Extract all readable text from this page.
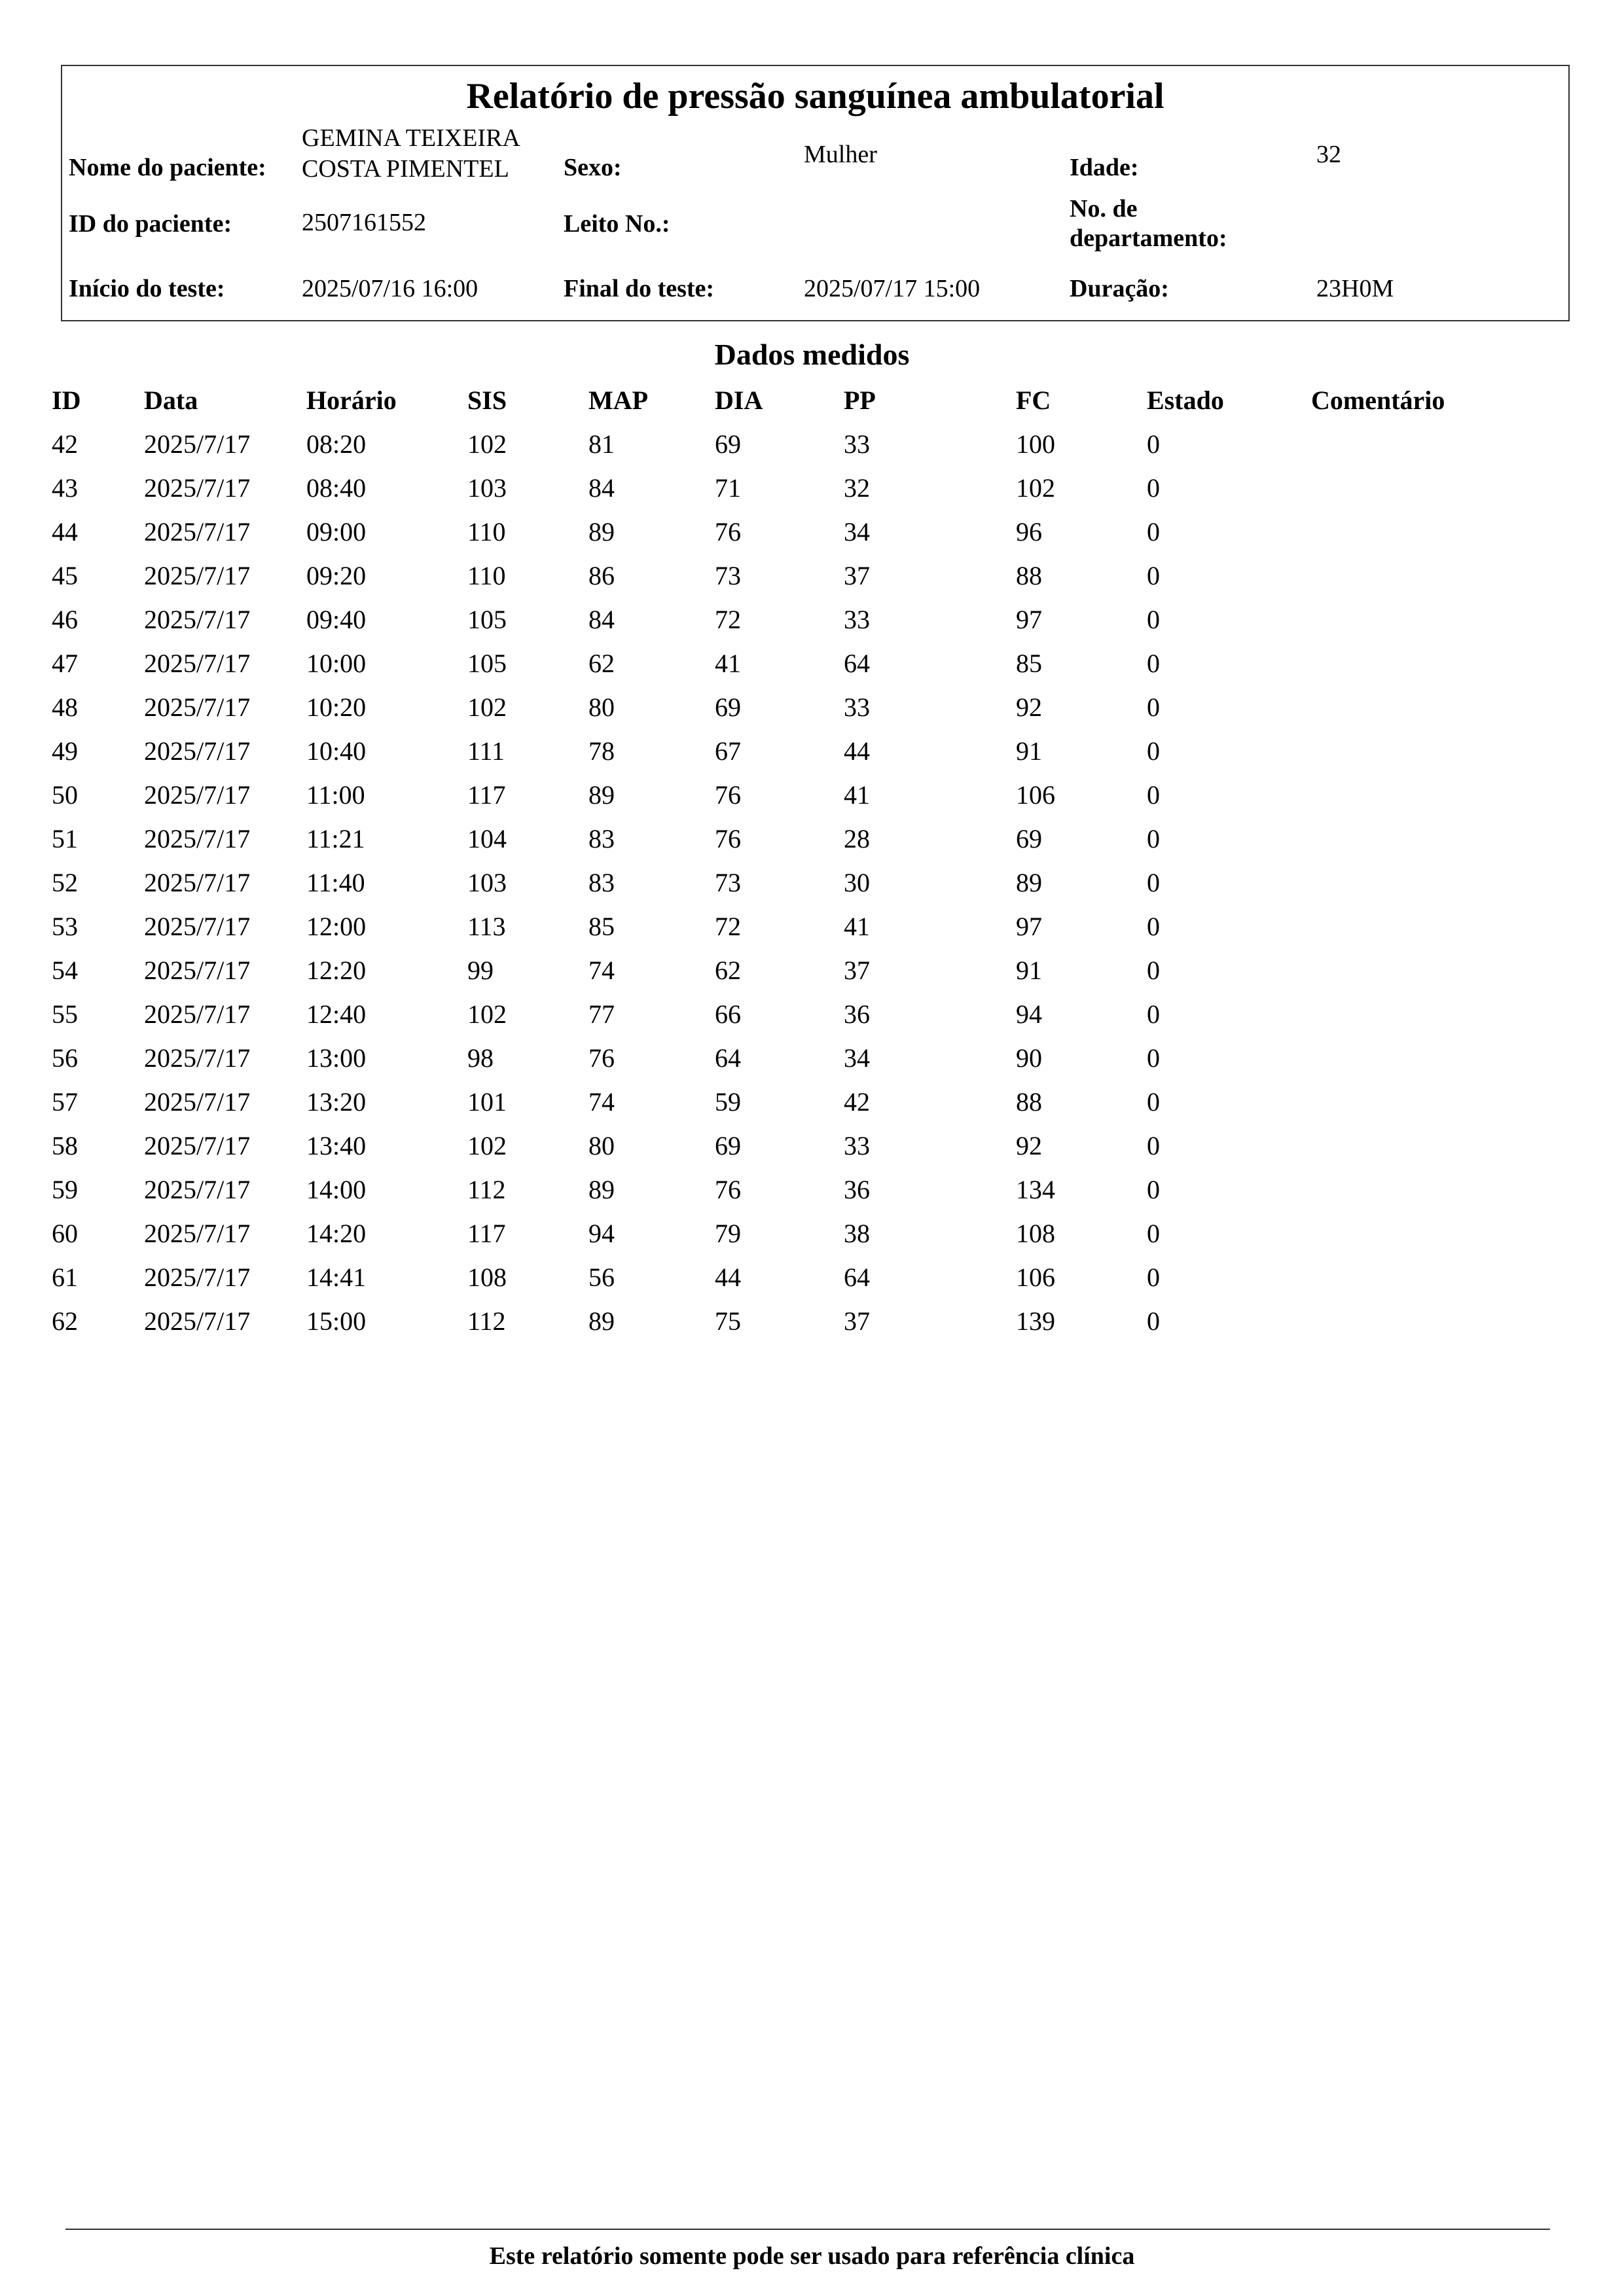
Relatório de pressão sanguínea ambulatorial
Nome do paciente:
GEMINA TEIXEIRA
COSTA PIMENTEL Sexo:	Mulher	Idade:	32
ID do paciente:	2507161552	Leito No.:
No. de
departamento:
Início do teste:	2025/07/16 16:00	Final do teste:	2025/07/17 15:00	Duração:	23H0M
Dados medidos
ID Data	Horário	SIS	MAP	DIA	PP	FC	Estado	Comentário
42	2025/7/17 08:20	102	81	69	33	100	0
43	2025/7/17 08:40	103	84	71	32	102	0
44	2025/7/17 09:00	110	89	76	34	96	0
45	2025/7/17 09:20	110	86	73	37	88	0
46	2025/7/17 09:40	105	84	72	33	97	0
47	2025/7/17 10:00	105	62	41	64	85	0
48	2025/7/17 10:20	102	80	69	33	92	0
49	2025/7/17 10:40	111	78	67	44	91	0
50	2025/7/17 11:00	117	89	76	41	106	0
51	2025/7/17 11:21	104	83	76	28	69	0
52	2025/7/17 11:40	103	83	73	30	89	0
53	2025/7/17 12:00	113	85	72	41	97	0
54	2025/7/17 12:20	99	74	62	37	91	0
55	2025/7/17 12:40	102	77	66	36	94	0
56	2025/7/17 13:00	98	76	64	34	90	0
57	2025/7/17 13:20	101	74	59	42	88	0
58	2025/7/17 13:40	102	80	69	33	92	0
59	2025/7/17 14:00	112	89	76	36	134	0
60	2025/7/17 14:20	117	94	79	38	108	0
61	2025/7/17 14:41	108	56	44	64	106	0
62	2025/7/17 15:00	112	89	75	37	139	0
Este relatório somente pode ser usado para referência clínica
